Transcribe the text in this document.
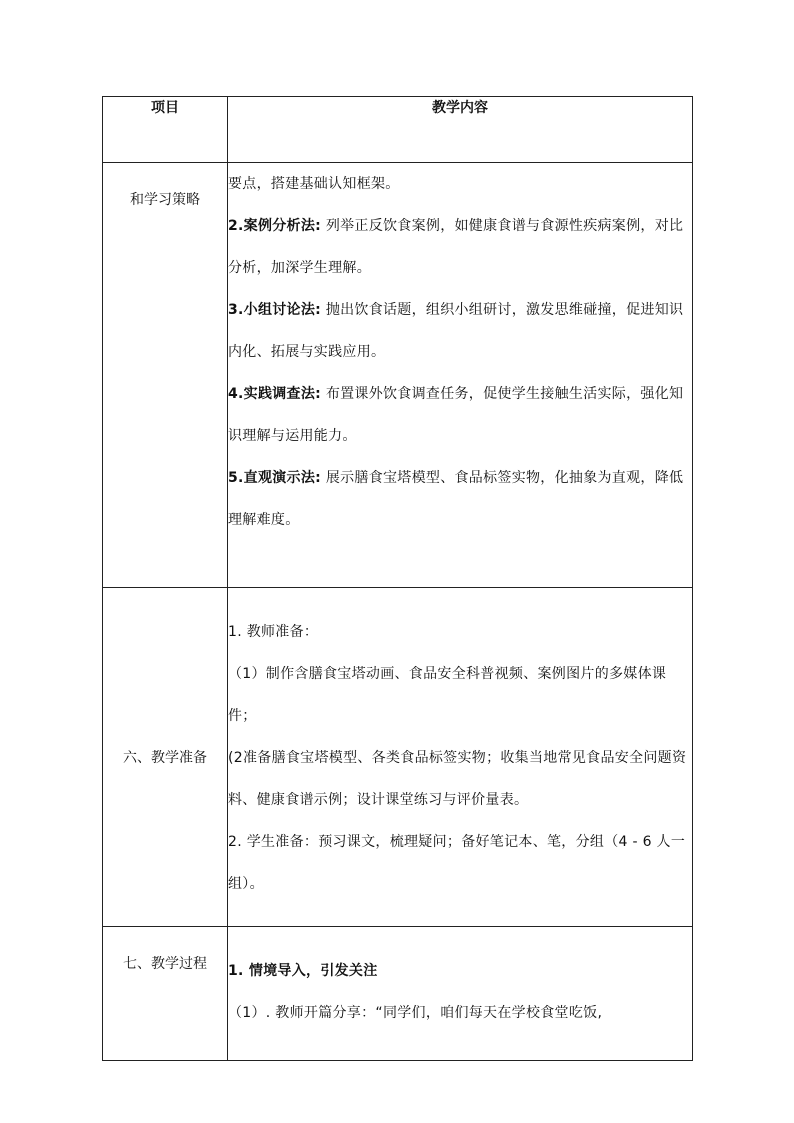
项目	教学内容
和学习策略	要点，搭建基础认知框架。

2.案例分析法: 列举正反饮食案例，如健康食谱与食源性疾病案例，对比分析，加深学生理解。

3.小组讨论法: 抛出饮食话题，组织小组研讨，激发思维碰撞，促进知识内化、拓展与实践应用。

4.实践调查法: 布置课外饮食调查任务，促使学生接触生活实际，强化知识理解与运用能力。

5.直观演示法: 展示膳食宝塔模型、食品标签实物，化抽象为直观，降低理解难度。

六、教学准备	1. 教师准备：

（1）制作含膳食宝塔动画、食品安全科普视频、案例图片的多媒体课件；

(2准备膳食宝塔模型、各类食品标签实物；收集当地常见食品安全问题资料、健康食谱示例；设计课堂练习与评价量表。

2. 学生准备：预习课文，梳理疑问；备好笔记本、笔，分组（4 - 6 人一组）。

七、教学过程	1. 情境导入，引发关注

（1）. 教师开篇分享：“同学们，咱们每天在学校食堂吃饭,
